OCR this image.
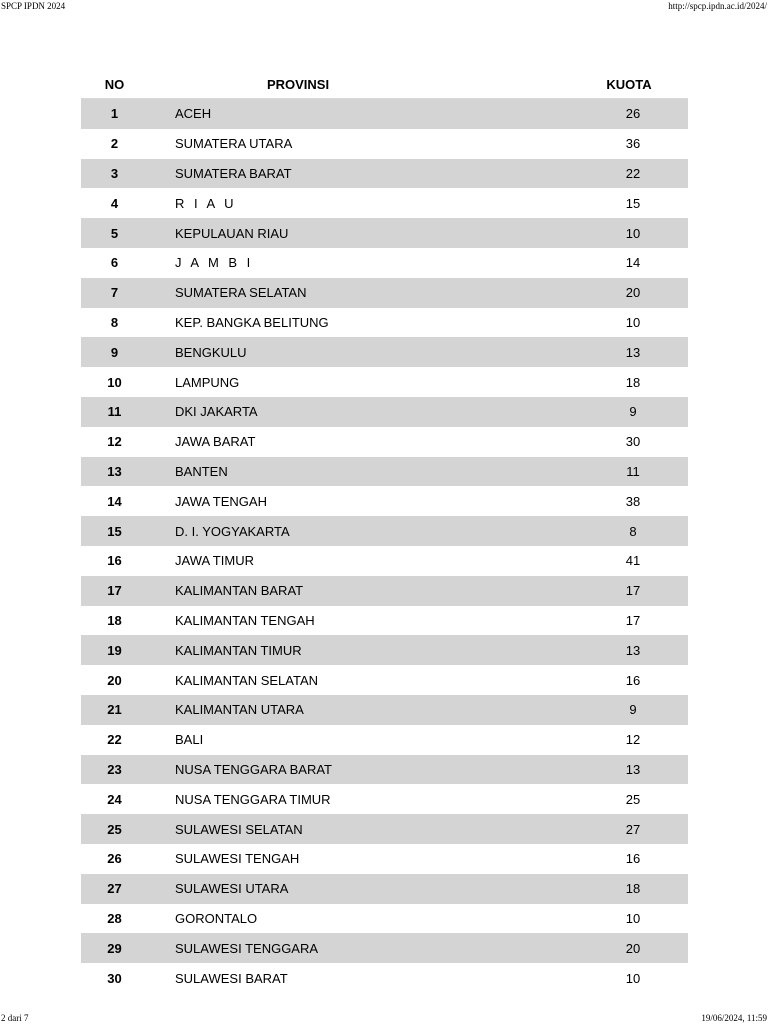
SPCP IPDN 2024	http://spcp.ipdn.ac.id/2024/
NO	PROVINSI	KUOTA
1	ACEH	26
2	SUMATERA UTARA	36
3	SUMATERA BARAT	22
4	R I A U	15
5	KEPULAUAN RIAU	10
6	J A M B I	14
7	SUMATERA SELATAN	20
8	KEP. BANGKA BELITUNG	10
9	BENGKULU	13
10	LAMPUNG	18
11	DKI JAKARTA	9
12	JAWA BARAT	30
13	BANTEN	11
14	JAWA TENGAH	38
15	D. I. YOGYAKARTA	8
16	JAWA TIMUR	41
17	KALIMANTAN BARAT	17
18	KALIMANTAN TENGAH	17
19	KALIMANTAN TIMUR	13
20	KALIMANTAN SELATAN	16
21	KALIMANTAN UTARA	9
22	BALI	12
23	NUSA TENGGARA BARAT	13
24	NUSA TENGGARA TIMUR	25
25	SULAWESI SELATAN	27
26	SULAWESI TENGAH	16
27	SULAWESI UTARA	18
28	GORONTALO	10
29	SULAWESI TENGGARA	20
30	SULAWESI BARAT	10
2 dari 7	19/06/2024, 11:59
